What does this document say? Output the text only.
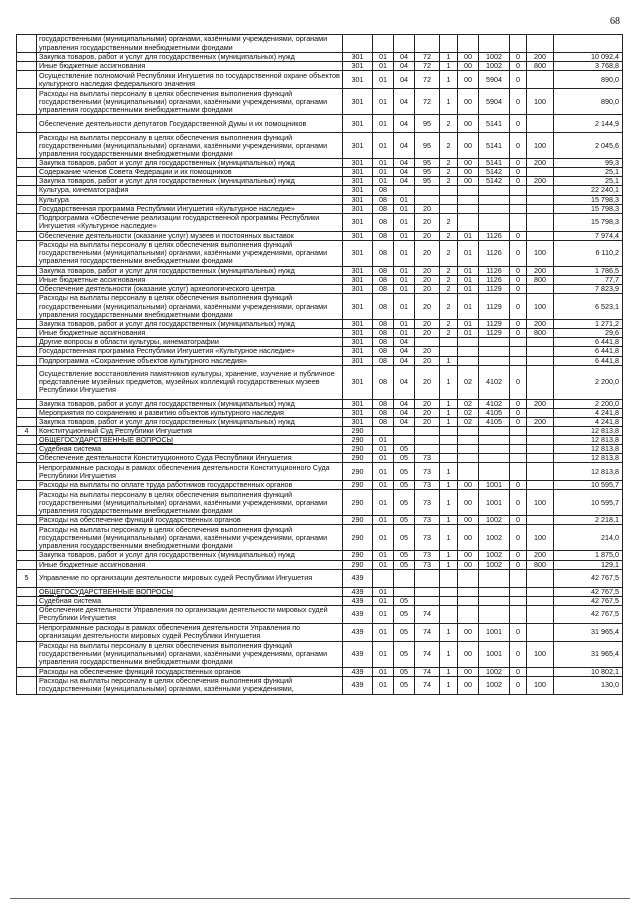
68
	государственными (муниципальными) органами, казёнными учреждениями, органами управления государственными внебюджетными фондами										
	Закупка товаров, работ и услуг для государственных (муниципальных) нужд	301	01	04	72	1	00	1002	0	200	10 092,4
	Иные бюджетные ассигнования	301	01	04	72	1	00	1002	0	800	3 768,8
	Осуществление полномочий Республики Ингушетия по государственной охране объектов культурного наследия федерального значения	301	01	04	72	1	00	5904	0		890,0
	Расходы на выплаты персоналу в целях обеспечения выполнения функций государственными (муниципальными) органами, казёнными учреждениями, органами управления государственными внебюджетными фондами	301	01	04	72	1	00	5904	0	100	890,0
	Обеспечение деятельности депутатов Государственной Думы и их помощников	301	01	04	95	2	00	5141	0		2 144,9
	Расходы на выплаты персоналу в целях обеспечения выполнения функций государственными (муниципальными) органами, казёнными учреждениями, органами управления государственными внебюджетными фондами	301	01	04	95	2	00	5141	0	100	2 045,6
	Закупка товаров, работ и услуг для государственных (муниципальных) нужд	301	01	04	95	2	00	5141	0	200	99,3
	Содержание членов Совета Федерации и их помощников	301	01	04	95	2	00	5142	0		25,1
	Закупка товаров, работ и услуг для государственных (муниципальных) нужд	301	01	04	95	2	00	5142	0	200	25,1
	Культура, кинематография	301	08								22 240,1
	Культура	301	08	01							15 798,3
	Государственная программа Республики Ингушетия «Культурное наследие»	301	08	01	20						15 798,3
	Подпрограмма «Обеспечение реализации государственной программы Республики Ингушетия «Культурное наследие»	301	08	01	20	2					15 798,3
	Обеспечение деятельности (оказание услуг) музеев и постоянных выставок	301	08	01	20	2	01	1126	0		7 974,4
	Расходы на выплаты персоналу в целях обеспечения выполнения функций государственными (муниципальными) органами, казёнными учреждениями, органами управления государственными внебюджетными фондами	301	08	01	20	2	01	1126	0	100	6 110,2
	Закупка товаров, работ и услуг для государственных (муниципальных) нужд	301	08	01	20	2	01	1126	0	200	1 786,5
	Иные бюджетные ассигнования	301	08	01	20	2	01	1126	0	800	77,7
	Обеспечение деятельности (оказание услуг) археологического центра	301	08	01	20	2	01	1129	0		7 823,9
	Расходы на выплаты персоналу в целях обеспечения выполнения функций государственными (муниципальными) органами, казёнными учреждениями, органами управления государственными внебюджетными фондами	301	08	01	20	2	01	1129	0	100	6 523,1
	Закупка товаров, работ и услуг для государственных (муниципальных) нужд	301	08	01	20	2	01	1129	0	200	1 271,2
	Иные бюджетные ассигнования	301	08	01	20	2	01	1129	0	800	29,6
	Другие вопросы в области культуры, кинематографии	301	08	04							6 441,8
	Государственная программа Республики Ингушетия «Культурное наследие»	301	08	04	20						6 441,8
	Подпрограмма «Сохранение объектов культурного наследия»	301	08	04	20	1					6 441,8
	Осуществление восстановления памятников культуры, хранение, изучение и публичное представление музейных предметов, музейных коллекций государственных музеев Республики Ингушетия	301	08	04	20	1	02	4102	0		2 200,0
	Закупка товаров, работ и услуг для государственных (муниципальных) нужд	301	08	04	20	1	02	4102	0	200	2 200,0
	Мероприятия по сохранению и развитию объектов культурного наследия	301	08	04	20	1	02	4105	0		4 241,8
	Закупка товаров, работ и услуг для государственных (муниципальных) нужд	301	08	04	20	1	02	4105	0	200	4 241,8
4	Конституционный Суд Республики Ингушетия	290									12 813,8
	ОБЩЕГОСУДАРСТВЕННЫЕ ВОПРОСЫ	290	01								12 813,8
	Судебная система	290	01	05							12 813,8
	Обеспечение деятельности Конституционного Суда Республики Ингушетия	290	01	05	73						12 813,8
	Непрограммные расходы в рамках обеспечения деятельности Конституционного Суда Республики Ингушетия	290	01	05	73	1					12 813,8
	Расходы на выплаты по оплате труда работников государственных органов	290	01	05	73	1	00	1001	0		10 595,7
	Расходы на выплаты персоналу в целях обеспечения выполнения функций государственными (муниципальными) органами, казёнными учреждениями, органами управления государственными внебюджетными фондами	290	01	05	73	1	00	1001	0	100	10 595,7
	Расходы на обеспечение функций государственных органов	290	01	05	73	1	00	1002	0		2 218,1
	Расходы на выплаты персоналу в целях обеспечения выполнения функций государственными (муниципальными) органами, казёнными учреждениями, органами управления государственными внебюджетными фондами	290	01	05	73	1	00	1002	0	100	214,0
	Закупка товаров, работ и услуг для государственных (муниципальных) нужд	290	01	05	73	1	00	1002	0	200	1 875,0
	Иные бюджетные ассигнования	290	01	05	73	1	00	1002	0	800	129,1
5	Управление по организации деятельности мировых судей Республики Ингушетия	439									42 767,5
	ОБЩЕГОСУДАРСТВЕННЫЕ ВОПРОСЫ	439	01								42 767,5
	Судебная система	439	01	05							42 767,5
	Обеспечение деятельности Управления по организации деятельности мировых судей Республики Ингушетия	439	01	05	74						42 767,5
	Непрограммные расходы в рамках обеспечения деятельности Управления по организации деятельности мировых судей Республики Ингушетия	439	01	05	74	1	00	1001	0		31 965,4
	Расходы на выплаты персоналу в целях обеспечения выполнения функций государственными (муниципальными) органами, казёнными учреждениями, органами управления государственными внебюджетными фондами	439	01	05	74	1	00	1001	0	100	31 965,4
	Расходы на обеспечение функций государственных органов	439	01	05	74	1	00	1002	0		10 802,1
	Расходы на выплаты персоналу в целях обеспечения выполнения функций государственными (муниципальными) органами, казёнными учреждениями,	439	01	05	74	1	00	1002	0	100	130,0
